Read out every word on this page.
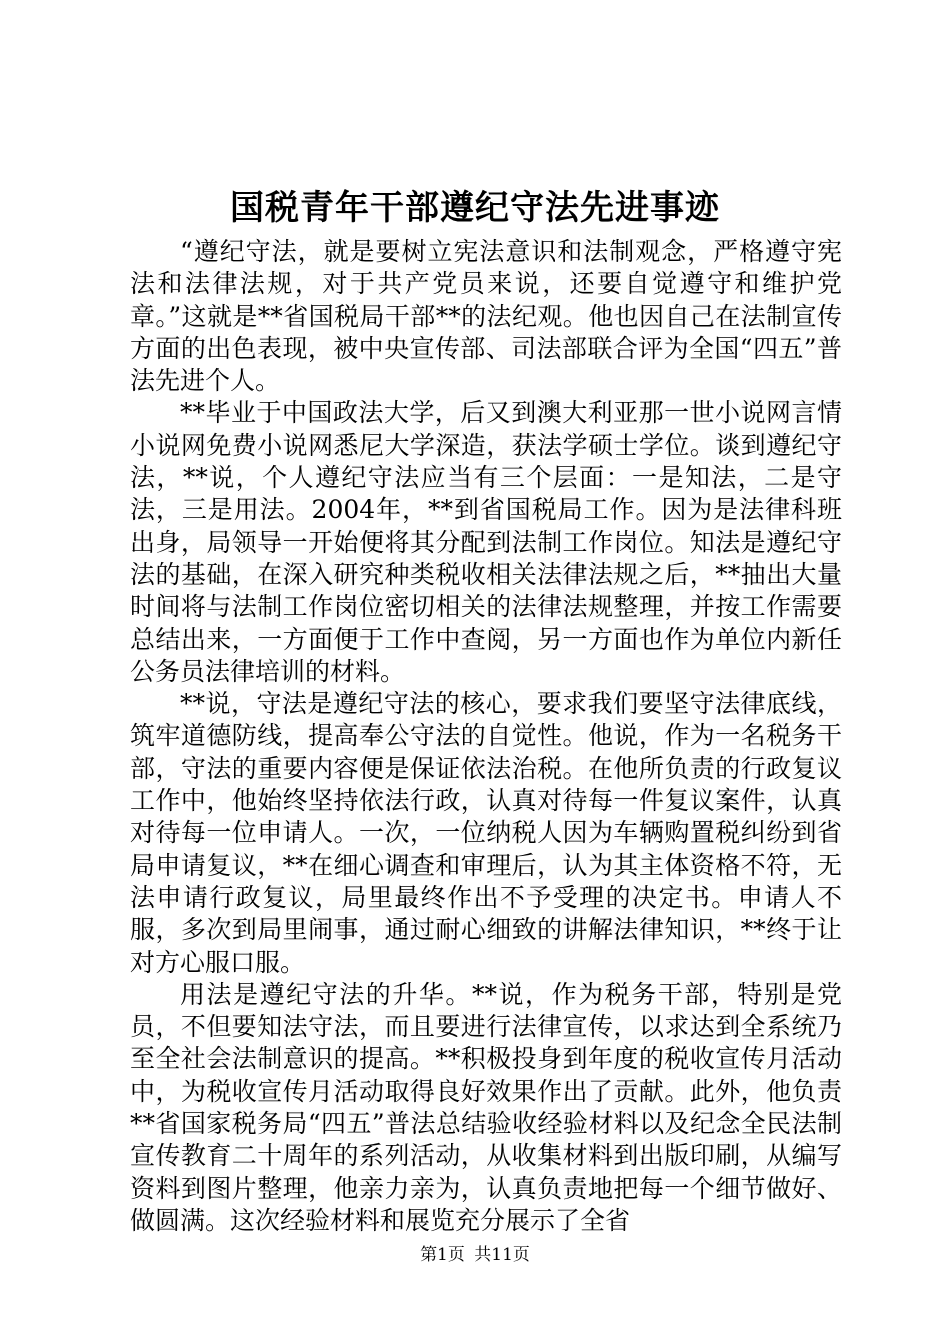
国税青年干部遵纪守法先进事迹

“遵纪守法，就是要树立宪法意识和法制观念，严格遵守宪法和法律法规，对于共产党员来说，还要自觉遵守和维护党章。”这就是**省国税局干部**的法纪观。他也因自己在法制宣传方面的出色表现，被中央宣传部、司法部联合评为全国“四五”普法先进个人。

**毕业于中国政法大学，后又到澳大利亚那一世小说网言情小说网免费小说网悉尼大学深造，获法学硕士学位。谈到遵纪守法，**说，个人遵纪守法应当有三个层面：一是知法，二是守法，三是用法。2004年，**到省国税局工作。因为是法律科班出身，局领导一开始便将其分配到法制工作岗位。知法是遵纪守法的基础，在深入研究种类税收相关法律法规之后，**抽出大量时间将与法制工作岗位密切相关的法律法规整理，并按工作需要总结出来，一方面便于工作中查阅，另一方面也作为单位内新任公务员法律培训的材料。

**说，守法是遵纪守法的核心，要求我们要坚守法律底线，筑牢道德防线，提高奉公守法的自觉性。他说，作为一名税务干部，守法的重要内容便是保证依法治税。在他所负责的行政复议工作中，他始终坚持依法行政，认真对待每一件复议案件，认真对待每一位申请人。一次，一位纳税人因为车辆购置税纠纷到省局申请复议，**在细心调查和审理后，认为其主体资格不符，无法申请行政复议，局里最终作出不予受理的决定书。申请人不服，多次到局里闹事，通过耐心细致的讲解法律知识，**终于让对方心服口服。

用法是遵纪守法的升华。**说，作为税务干部，特别是党员，不但要知法守法，而且要进行法律宣传，以求达到全系统乃至全社会法制意识的提高。**积极投身到年度的税收宣传月活动中，为税收宣传月活动取得良好效果作出了贡献。此外，他负责**省国家税务局“四五”普法总结验收经验材料以及纪念全民法制宣传教育二十周年的系列活动，从收集材料到出版印刷，从编写资料到图片整理，他亲力亲为，认真负责地把每一个细节做好、做圆满。这次经验材料和展览充分展示了全省

第1页 共11页
